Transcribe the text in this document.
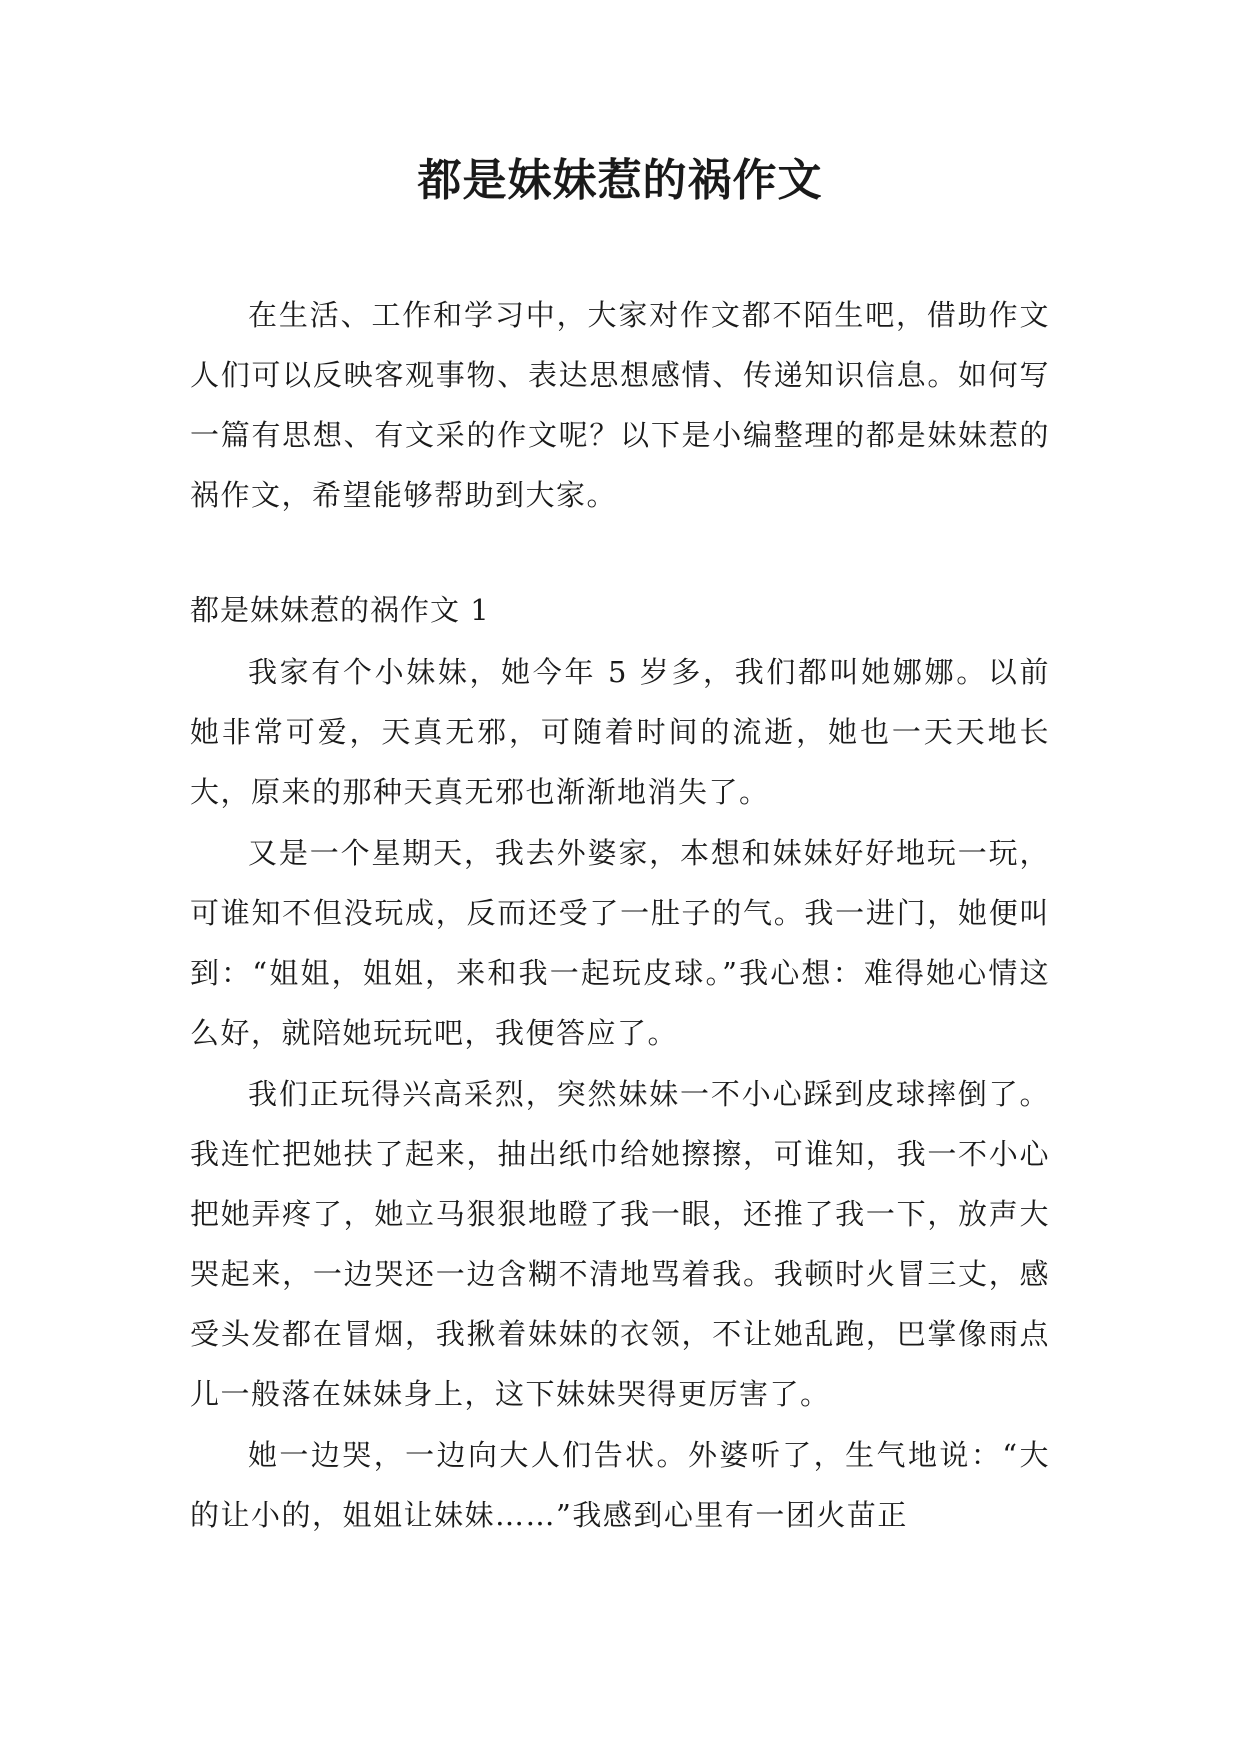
都是妹妹惹的祸作文

在生活、工作和学习中，大家对作文都不陌生吧，借助作文人们可以反映客观事物、表达思想感情、传递知识信息。如何写一篇有思想、有文采的作文呢？以下是小编整理的都是妹妹惹的祸作文，希望能够帮助到大家。

都是妹妹惹的祸作文 1

我家有个小妹妹，她今年 5 岁多，我们都叫她娜娜。以前她非常可爱，天真无邪，可随着时间的流逝，她也一天天地长大，原来的那种天真无邪也渐渐地消失了。

又是一个星期天，我去外婆家，本想和妹妹好好地玩一玩，可谁知不但没玩成，反而还受了一肚子的气。我一进门，她便叫到：“姐姐，姐姐，来和我一起玩皮球。”我心想：难得她心情这么好，就陪她玩玩吧，我便答应了。

我们正玩得兴高采烈，突然妹妹一不小心踩到皮球摔倒了。我连忙把她扶了起来，抽出纸巾给她擦擦，可谁知，我一不小心把她弄疼了，她立马狠狠地瞪了我一眼，还推了我一下，放声大哭起来，一边哭还一边含糊不清地骂着我。我顿时火冒三丈，感受头发都在冒烟，我揪着妹妹的衣领，不让她乱跑，巴掌像雨点儿一般落在妹妹身上，这下妹妹哭得更厉害了。

她一边哭，一边向大人们告状。外婆听了，生气地说：“大的让小的，姐姐让妹妹……”我感到心里有一团火苗正
